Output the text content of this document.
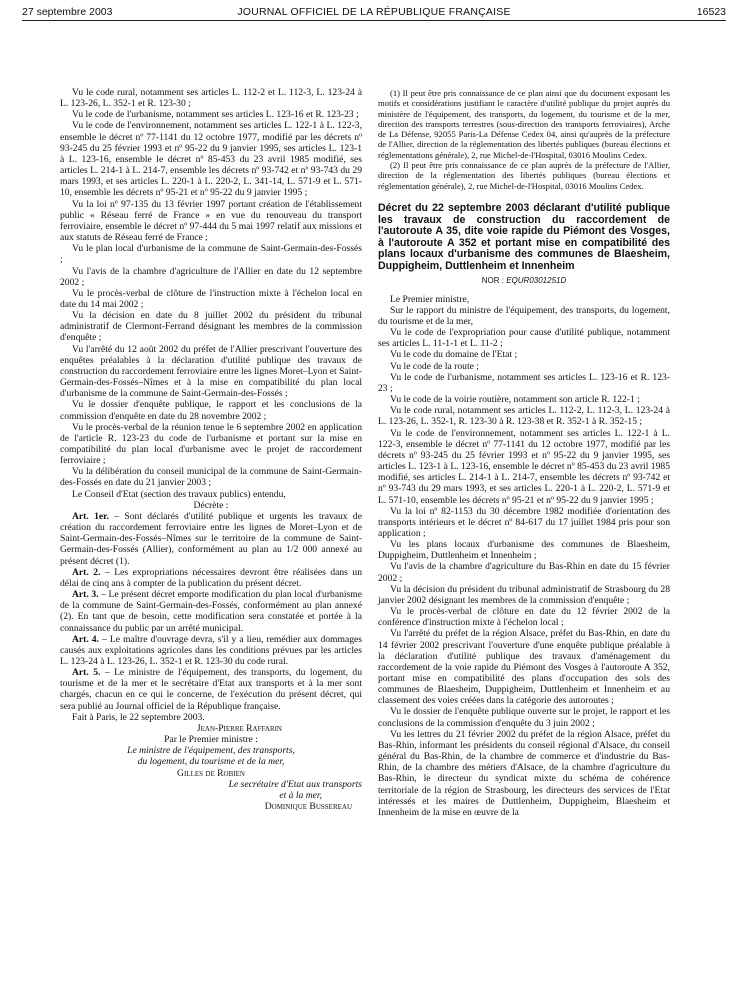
27 septembre 2003	JOURNAL OFFICIEL DE LA RÉPUBLIQUE FRANÇAISE	16523

Vu le code rural, notamment ses articles L. 112-2 et L. 112-3, L. 123-24 à L. 123-26, L. 352-1 et R. 123-30 ;

Vu le code de l'urbanisme, notamment ses articles L. 123-16 et R. 123-23 ;

Vu le code de l'environnement, notamment ses articles L. 122-1 à L. 122-3, ensemble le décret nº 77-1141 du 12 octobre 1977, modifié par les décrets nº 93-245 du 25 février 1993 et nº 95-22 du 9 janvier 1995, ses articles L. 123-1 à L. 123-16, ensemble le décret nº 85-453 du 23 avril 1985 modifié, ses articles L. 214-1 à L. 214-7, ensemble les décrets nº 93-742 et nº 93-743 du 29 mars 1993, et ses articles L. 220-1 à L. 220-2, L. 341-14, L. 571-9 et L. 571-10, ensemble les décrets nº 95-21 et nº 95-22 du 9 janvier 1995 ;

Vu la loi nº 97-135 du 13 février 1997 portant création de l'établissement public « Réseau ferré de France » en vue du renouveau du transport ferroviaire, ensemble le décret nº 97-444 du 5 mai 1997 relatif aux missions et aux statuts de Réseau ferré de France ;

Vu le plan local d'urbanisme de la commune de Saint-Germain-des-Fossés ;

Vu l'avis de la chambre d'agriculture de l'Allier en date du 12 septembre 2002 ;

Vu le procès-verbal de clôture de l'instruction mixte à l'échelon local en date du 14 mai 2002 ;

Vu la décision en date du 8 juillet 2002 du président du tribunal administratif de Clermont-Ferrand désignant les membres de la commission d'enquête ;

Vu l'arrêté du 12 août 2002 du préfet de l'Allier prescrivant l'ouverture des enquêtes préalables à la déclaration d'utilité publique des travaux de construction du raccordement ferroviaire entre les lignes Moret–Lyon et Saint-Germain-des-Fossés–Nîmes et à la mise en compatibilité du plan local d'urbanisme de la commune de Saint-Germain-des-Fossés ;

Vu le dossier d'enquête publique, le rapport et les conclusions de la commission d'enquête en date du 28 novembre 2002 ;

Vu le procès-verbal de la réunion tenue le 6 septembre 2002 en application de l'article R. 123-23 du code de l'urbanisme et portant sur la mise en compatibilité du plan local d'urbanisme avec le projet de raccordement ferroviaire ;

Vu la délibération du conseil municipal de la commune de Saint-Germain-des-Fossés en date du 21 janvier 2003 ;

Le Conseil d'Etat (section des travaux publics) entendu,

Décrète :

Art. 1er. – Sont déclarés d'utilité publique et urgents les travaux de création du raccordement ferroviaire entre les lignes de Moret–Lyon et de Saint-Germain-des-Fossés–Nîmes sur le territoire de la commune de Saint-Germain-des-Fossés (Allier), conformément au plan au 1/2 000 annexé au présent décret (1).

Art. 2. – Les expropriations nécessaires devront être réalisées dans un délai de cinq ans à compter de la publication du présent décret.

Art. 3. – Le présent décret emporte modification du plan local d'urbanisme de la commune de Saint-Germain-des-Fossés, conformément au plan annexé (2). En tant que de besoin, cette modification sera constatée et portée à la connaissance du public par un arrêté municipal.

Art. 4. – Le maître d'ouvrage devra, s'il y a lieu, remédier aux dommages causés aux exploitations agricoles dans les conditions prévues par les articles L. 123-24 à L. 123-26, L. 352-1 et R. 123-30 du code rural.

Art. 5. – Le ministre de l'équipement, des transports, du logement, du tourisme et de la mer et le secrétaire d'Etat aux transports et à la mer sont chargés, chacun en ce qui le concerne, de l'exécution du présent décret, qui sera publié au Journal officiel de la République française.

Fait à Paris, le 22 septembre 2003.

Jean-Pierre Raffarin

Par le Premier ministre :

Le ministre de l'équipement, des transports,

du logement, du tourisme et de la mer,

Gilles de Robien

Le secrétaire d'Etat aux transports

et à la mer,

Dominique Bussereau

(1) Il peut être pris connaissance de ce plan ainsi que du document exposant les motifs et considérations justifiant le caractère d'utilité publique du projet auprès du ministère de l'équipement, des transports, du logement, du tourisme et de la mer, direction des transports terrestres (sous-direction des transports ferroviaires), Arche de La Défense, 92055 Paris-La Défense Cedex 04, ainsi qu'auprès de la préfecture de l'Allier, direction de la réglementation des libertés publiques (bureau élections et réglementations générale), 2, rue Michel-de-l'Hospital, 03016 Moulins Cedex.

(2) Il peut être pris connaissance de ce plan auprès de la préfecture de l'Allier, direction de la réglementation des libertés publiques (bureau élections et réglementation générale), 2, rue Michel-de-l'Hospital, 03016 Moulins Cedex.

Décret du 22 septembre 2003 déclarant d'utilité publique les travaux de construction du raccordement de l'autoroute A 35, dite voie rapide du Piémont des Vosges, à l'autoroute A 352 et portant mise en compatibilité des plans locaux d'urbanisme des communes de Blaesheim, Duppigheim, Duttlenheim et Innenheim
NOR : EQUR0301251D

Le Premier ministre,

Sur le rapport du ministre de l'équipement, des transports, du logement, du tourisme et de la mer,

Vu le code de l'expropriation pour cause d'utilité publique, notamment ses articles L. 11-1-1 et L. 11-2 ;

Vu le code du domaine de l'Etat ;

Vu le code de la route ;

Vu le code de l'urbanisme, notamment ses articles L. 123-16 et R. 123-23 ;

Vu le code de la voirie routière, notamment son article R. 122-1 ;

Vu le code rural, notamment ses articles L. 112-2, L. 112-3, L. 123-24 à L. 123-26, L. 352-1, R. 123-30 à R. 123-38 et R. 352-1 à R. 352-15 ;

Vu le code de l'environnement, notamment ses articles L. 122-1 à L. 122-3, ensemble le décret nº 77-1141 du 12 octobre 1977, modifié par les décrets nº 93-245 du 25 février 1993 et nº 95-22 du 9 janvier 1995, ses articles L. 123-1 à L. 123-16, ensemble le décret nº 85-453 du 23 avril 1985 modifié, ses articles L. 214-1 à L. 214-7, ensemble les décrets nº 93-742 et nº 93-743 du 29 mars 1993, et ses articles L. 220-1 à L. 220-2, L. 571-9 et L. 571-10, ensemble les décrets nº 95-21 et nº 95-22 du 9 janvier 1995 ;

Vu la loi nº 82-1153 du 30 décembre 1982 modifiée d'orientation des transports intérieurs et le décret nº 84-617 du 17 juillet 1984 pris pour son application ;

Vu les plans locaux d'urbanisme des communes de Blaesheim, Duppigheim, Duttlenheim et Innenheim ;

Vu l'avis de la chambre d'agriculture du Bas-Rhin en date du 15 février 2002 ;

Vu la décision du président du tribunal administratif de Strasbourg du 28 janvier 2002 désignant les membres de la commission d'enquête ;

Vu le procès-verbal de clôture en date du 12 février 2002 de la conférence d'instruction mixte à l'échelon local ;

Vu l'arrêté du préfet de la région Alsace, préfet du Bas-Rhin, en date du 14 février 2002 prescrivant l'ouverture d'une enquête publique préalable à la déclaration d'utilité publique des travaux d'aménagement du raccordement de la voie rapide du Piémont des Vosges à l'autoroute A 352, portant mise en compatibilité des plans d'occupation des sols des communes de Blaesheim, Duppigheim, Duttlenheim et Innenheim et au classement des voies créées dans la catégorie des autoroutes ;

Vu le dossier de l'enquête publique ouverte sur le projet, le rapport et les conclusions de la commission d'enquête du 3 juin 2002 ;

Vu les lettres du 21 février 2002 du préfet de la région Alsace, préfet du Bas-Rhin, informant les présidents du conseil régional d'Alsace, du conseil général du Bas-Rhin, de la chambre de commerce et d'industrie du Bas-Rhin, de la chambre des métiers d'Alsace, de la chambre d'agriculture du Bas-Rhin, le directeur du syndicat mixte du schéma de cohérence territoriale de la région de Strasbourg, les directeurs des services de l'Etat intéressés et les maires de Duttlenheim, Duppigheim, Blaesheim et Innenheim de la mise en œuvre de la
